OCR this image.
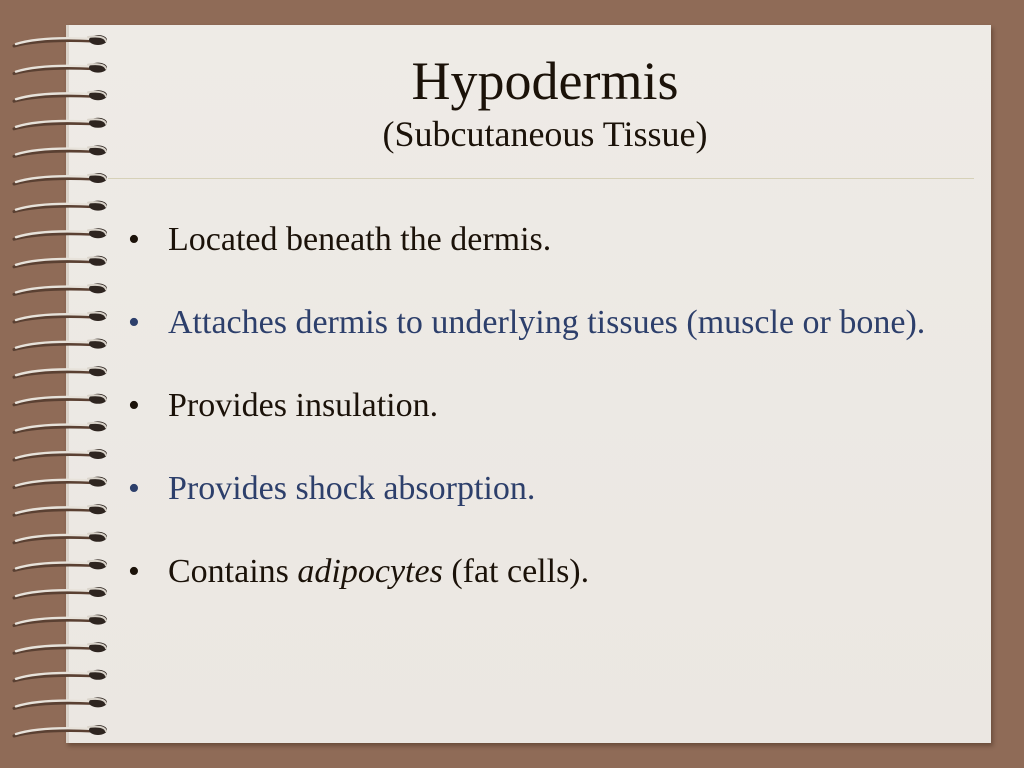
Hypodermis
(Subcutaneous Tissue)
• Located beneath the dermis.
• Attaches dermis to underlying tissues (muscle or bone).
• Provides insulation.
• Provides shock absorption.
• Contains adipocytes (fat cells).
